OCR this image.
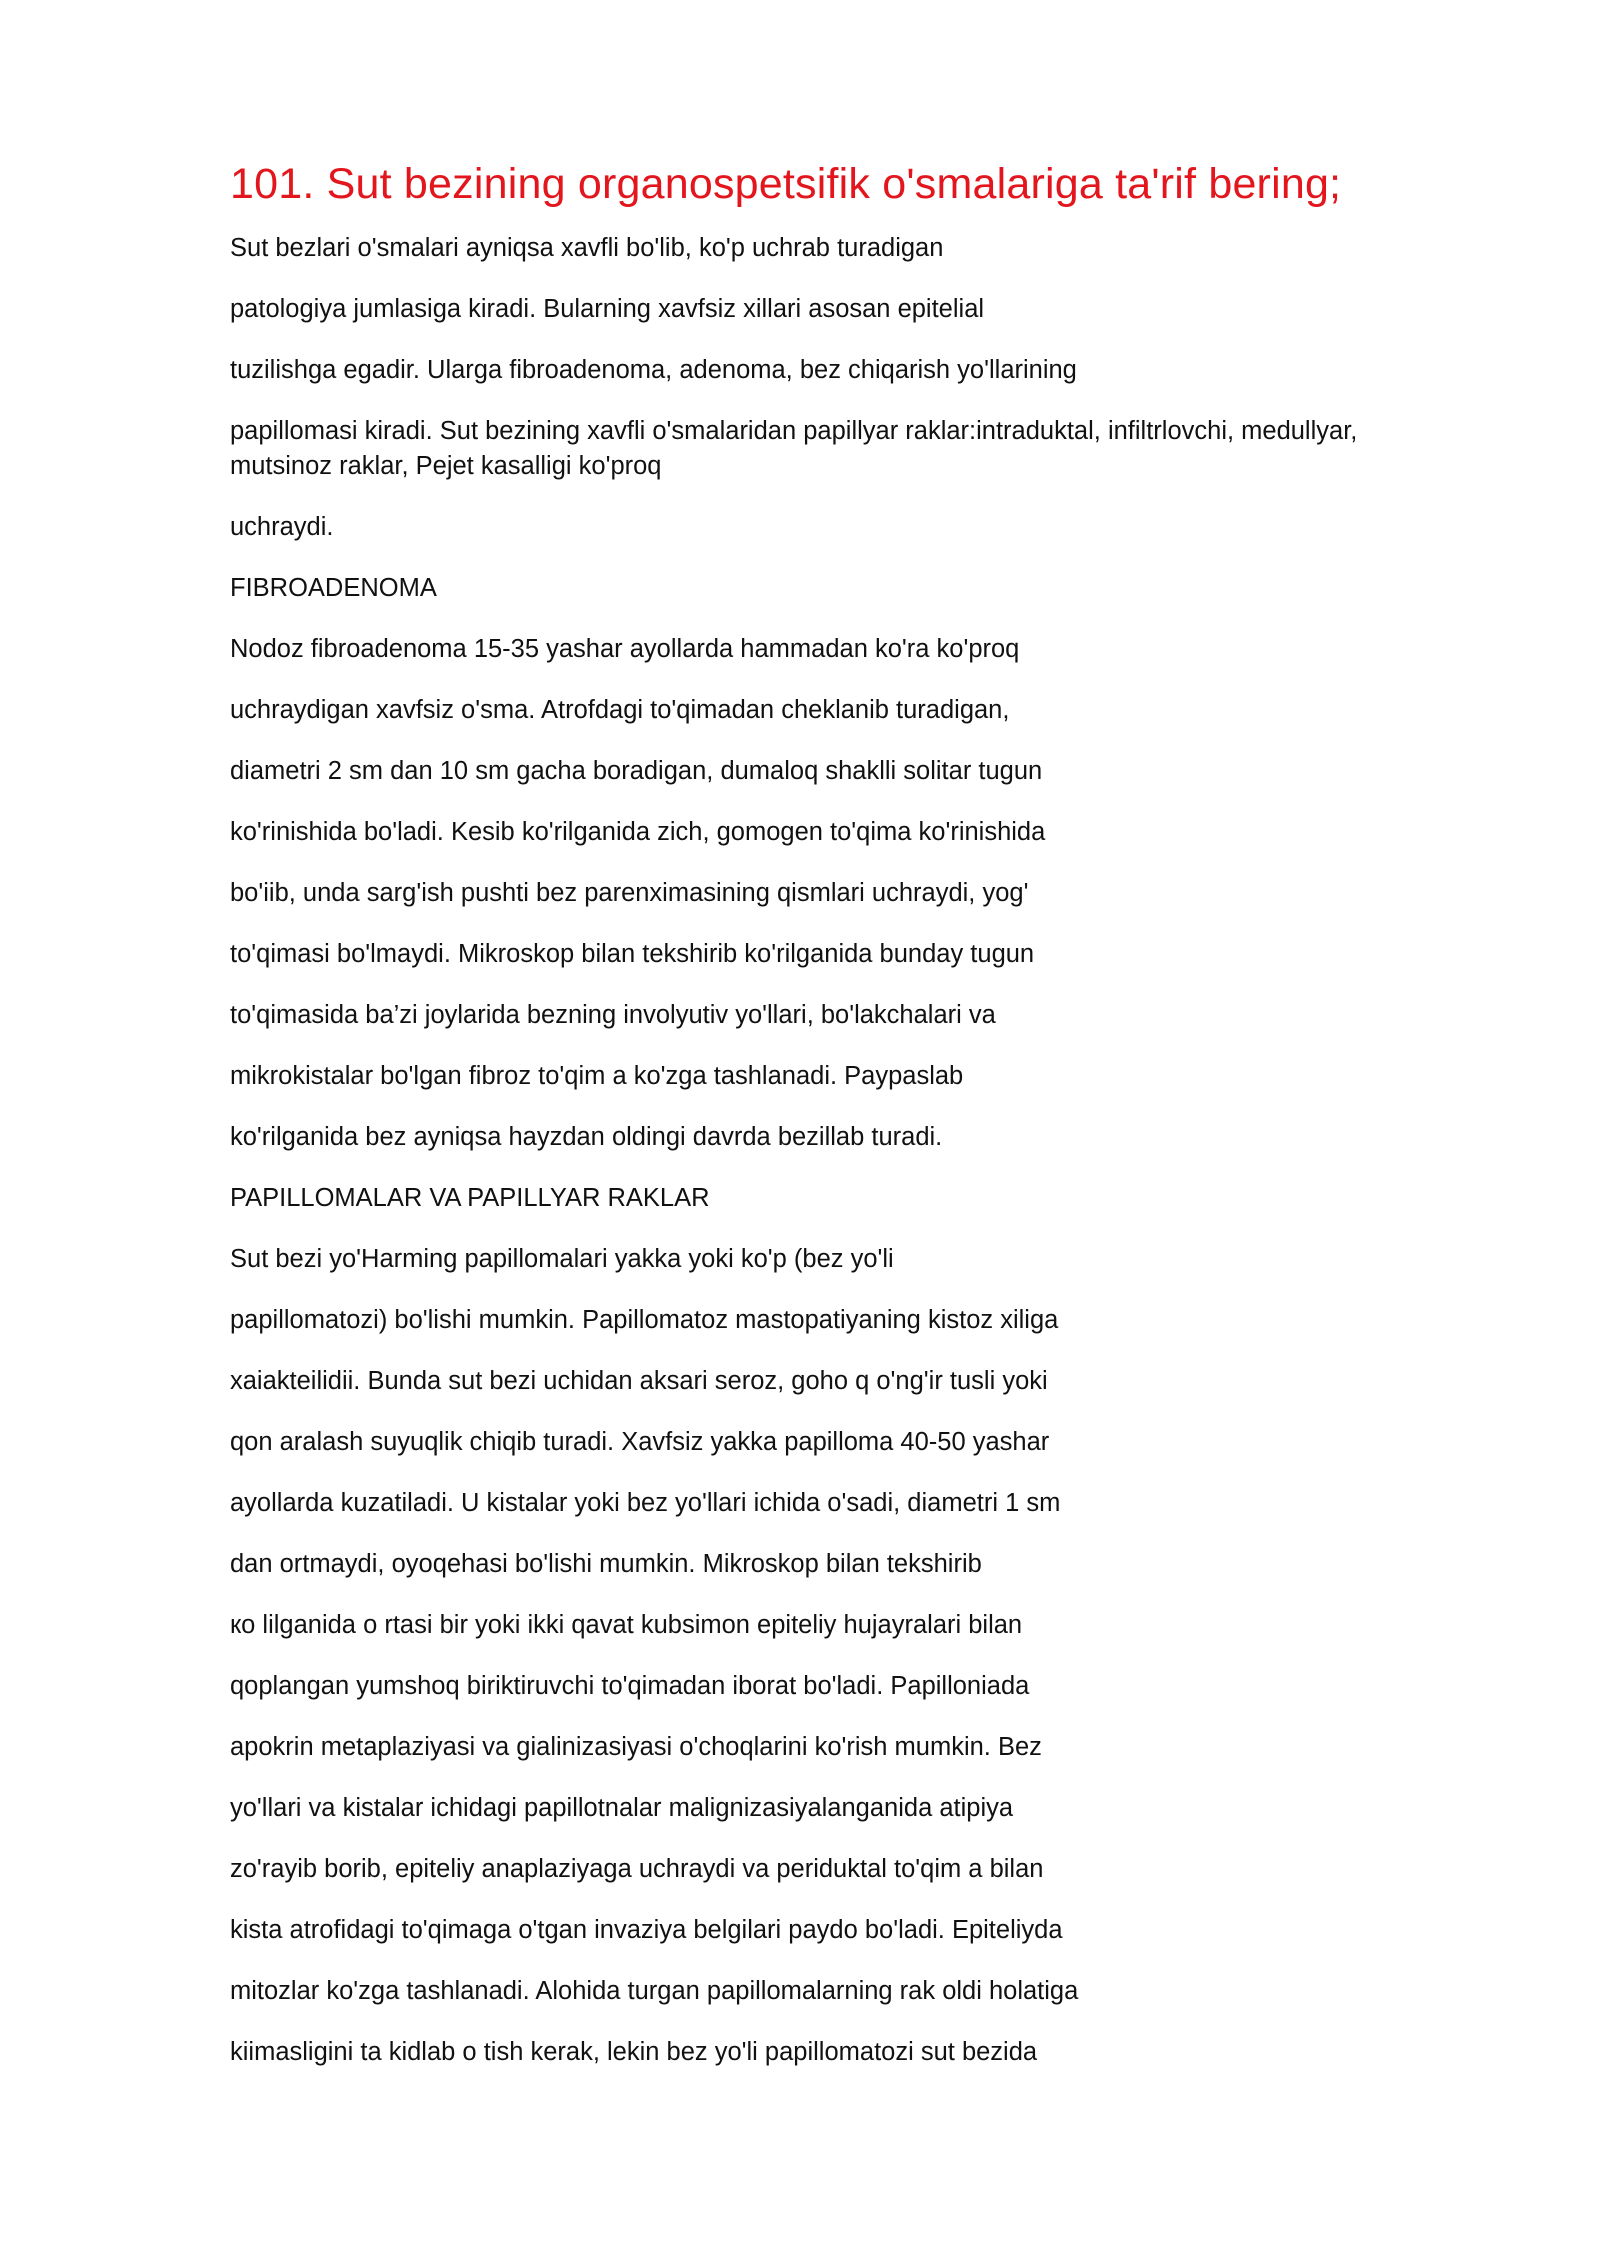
101. Sut bezining organospetsifik o'smalariga ta'rif bering;

Sut bezlari o'smalari ayniqsa xavfli bo'lib, ko'p uchrab turadigan

patologiya jumlasiga kiradi. Bularning xavfsiz xillari asosan epitelial

tuzilishga egadir. Ularga fibroadenoma, adenoma, bez chiqarish yo'llarining

papillomasi kiradi. Sut bezining xavfli o'smalaridan papillyar raklar:intraduktal, infiltrlovchi, medullyar,

mutsinoz raklar, Pejet kasalligi ko'proq

uchraydi.

FIBROADENOMA

Nodoz fibroadenoma 15-35 yashar ayollarda hammadan ko'ra ko'proq

uchraydigan xavfsiz o'sma. Atrofdagi to'qimadan cheklanib turadigan,

diametri 2 sm dan 10 sm gacha boradigan, dumaloq shaklli solitar tugun

ko'rinishida bo'ladi. Kesib ko'rilganida zich, gomogen to'qima ko'rinishida

bo'iib, unda sarg'ish pushti bez parenximasining qismlari uchraydi, yog'

to'qimasi bo'lmaydi. Mikroskop bilan tekshirib ko'rilganida bunday tugun

to'qimasida ba’zi joylarida bezning involyutiv yo'llari, bo'lakchalari va

mikrokistalar bo'lgan fibroz to'qim a ko'zga tashlanadi. Paypaslab

ko'rilganida bez ayniqsa hayzdan oldingi davrda bezillab turadi.

PAPILLOMALAR VA PAPILLYAR RAKLAR

Sut bezi yo'Harming papillomalari yakka yoki ko'p (bez yo'li

papillomatozi) bo'lishi mumkin. Papillomatoz mastopatiyaning kistoz xiliga

xaiakteilidii. Bunda sut bezi uchidan aksari seroz, goho q o'ng'ir tusli yoki

qon aralash suyuqlik chiqib turadi. Xavfsiz yakka papilloma 40-50 yashar

ayollarda kuzatiladi. U kistalar yoki bez yo'llari ichida o'sadi, diametri 1 sm

dan ortmaydi, oyoqehasi bo'lishi mumkin. Mikroskop bilan tekshirib

кo lilganida o rtasi bir yoki ikki qavat kubsimon epiteliy hujayralari bilan

qoplangan yumshoq biriktiruvchi to'qimadan iborat bo'ladi. Papilloniada

apokrin metaplaziyasi va gialinizasiyasi o'choqlarini ko'rish mumkin. Bez

yo'llari va kistalar ichidagi papillotnalar malignizasiyalanganida atipiya

zo'rayib borib, epiteliy anaplaziyaga uchraydi va periduktal to'qim a bilan

kista atrofidagi to'qimaga o'tgan invaziya belgilari paydo bo'ladi. Epiteliyda

mitozlar ko'zga tashlanadi. Alohida turgan papillomalarning rak oldi holatiga

kiimasligini ta kidlab o tish kerak, lekin bez yo'li papillomatozi sut bezida
